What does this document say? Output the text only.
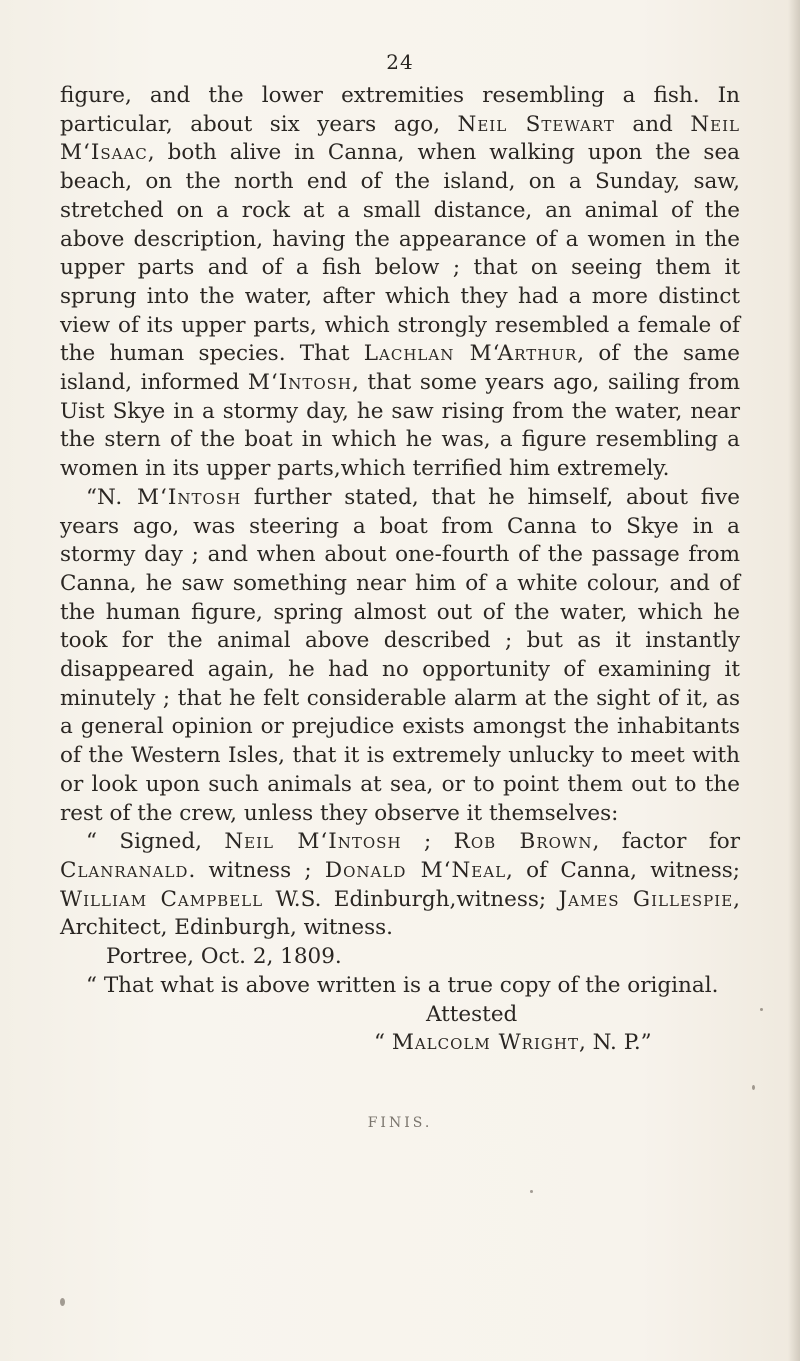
24

figure, and the lower extremities resembling a fish. In particular, about six years ago, Neil Stewart and Neil M‘Isaac, both alive in Canna, when walking upon the sea beach, on the north end of the island, on a Sunday, saw, stretched on a rock at a small distance, an animal of the above description, having the appearance of a women in the upper parts and of a fish below ; that on seeing them it sprung into the water, after which they had a more distinct view of its upper parts, which strongly resembled a female of the human species. That Lachlan M‘Arthur, of the same island, informed M‘Intosh, that some years ago, sailing from Uist Skye in a stormy day, he saw rising from the water, near the stern of the boat in which he was, a figure resembling a women in its upper parts,which terrified him extremely.

“N. M‘Intosh further stated, that he himself, about five years ago, was steering a boat from Canna to Skye in a stormy day ; and when about one-fourth of the passage from Canna, he saw something near him of a white colour, and of the human figure, spring almost out of the water, which he took for the animal above described ; but as it instantly disappeared again, he had no opportunity of examining it minutely ; that he felt considerable alarm at the sight of it, as a general opinion or prejudice exists amongst the inhabitants of the Western Isles, that it is extremely unlucky to meet with or look upon such animals at sea, or to point them out to the rest of the crew, unless they observe it themselves:

“ Signed, Neil M‘Intosh ; Rob Brown, factor for Clanranald. witness ; Donald M‘Neal, of Canna, witness; William Campbell W.S. Edinburgh,witness; James Gillespie, Architect, Edinburgh, witness.
Portree, Oct. 2, 1809.

“ That what is above written is a true copy of the original.
Attested
“ Malcolm Wright, N. P.”

FINIS.
